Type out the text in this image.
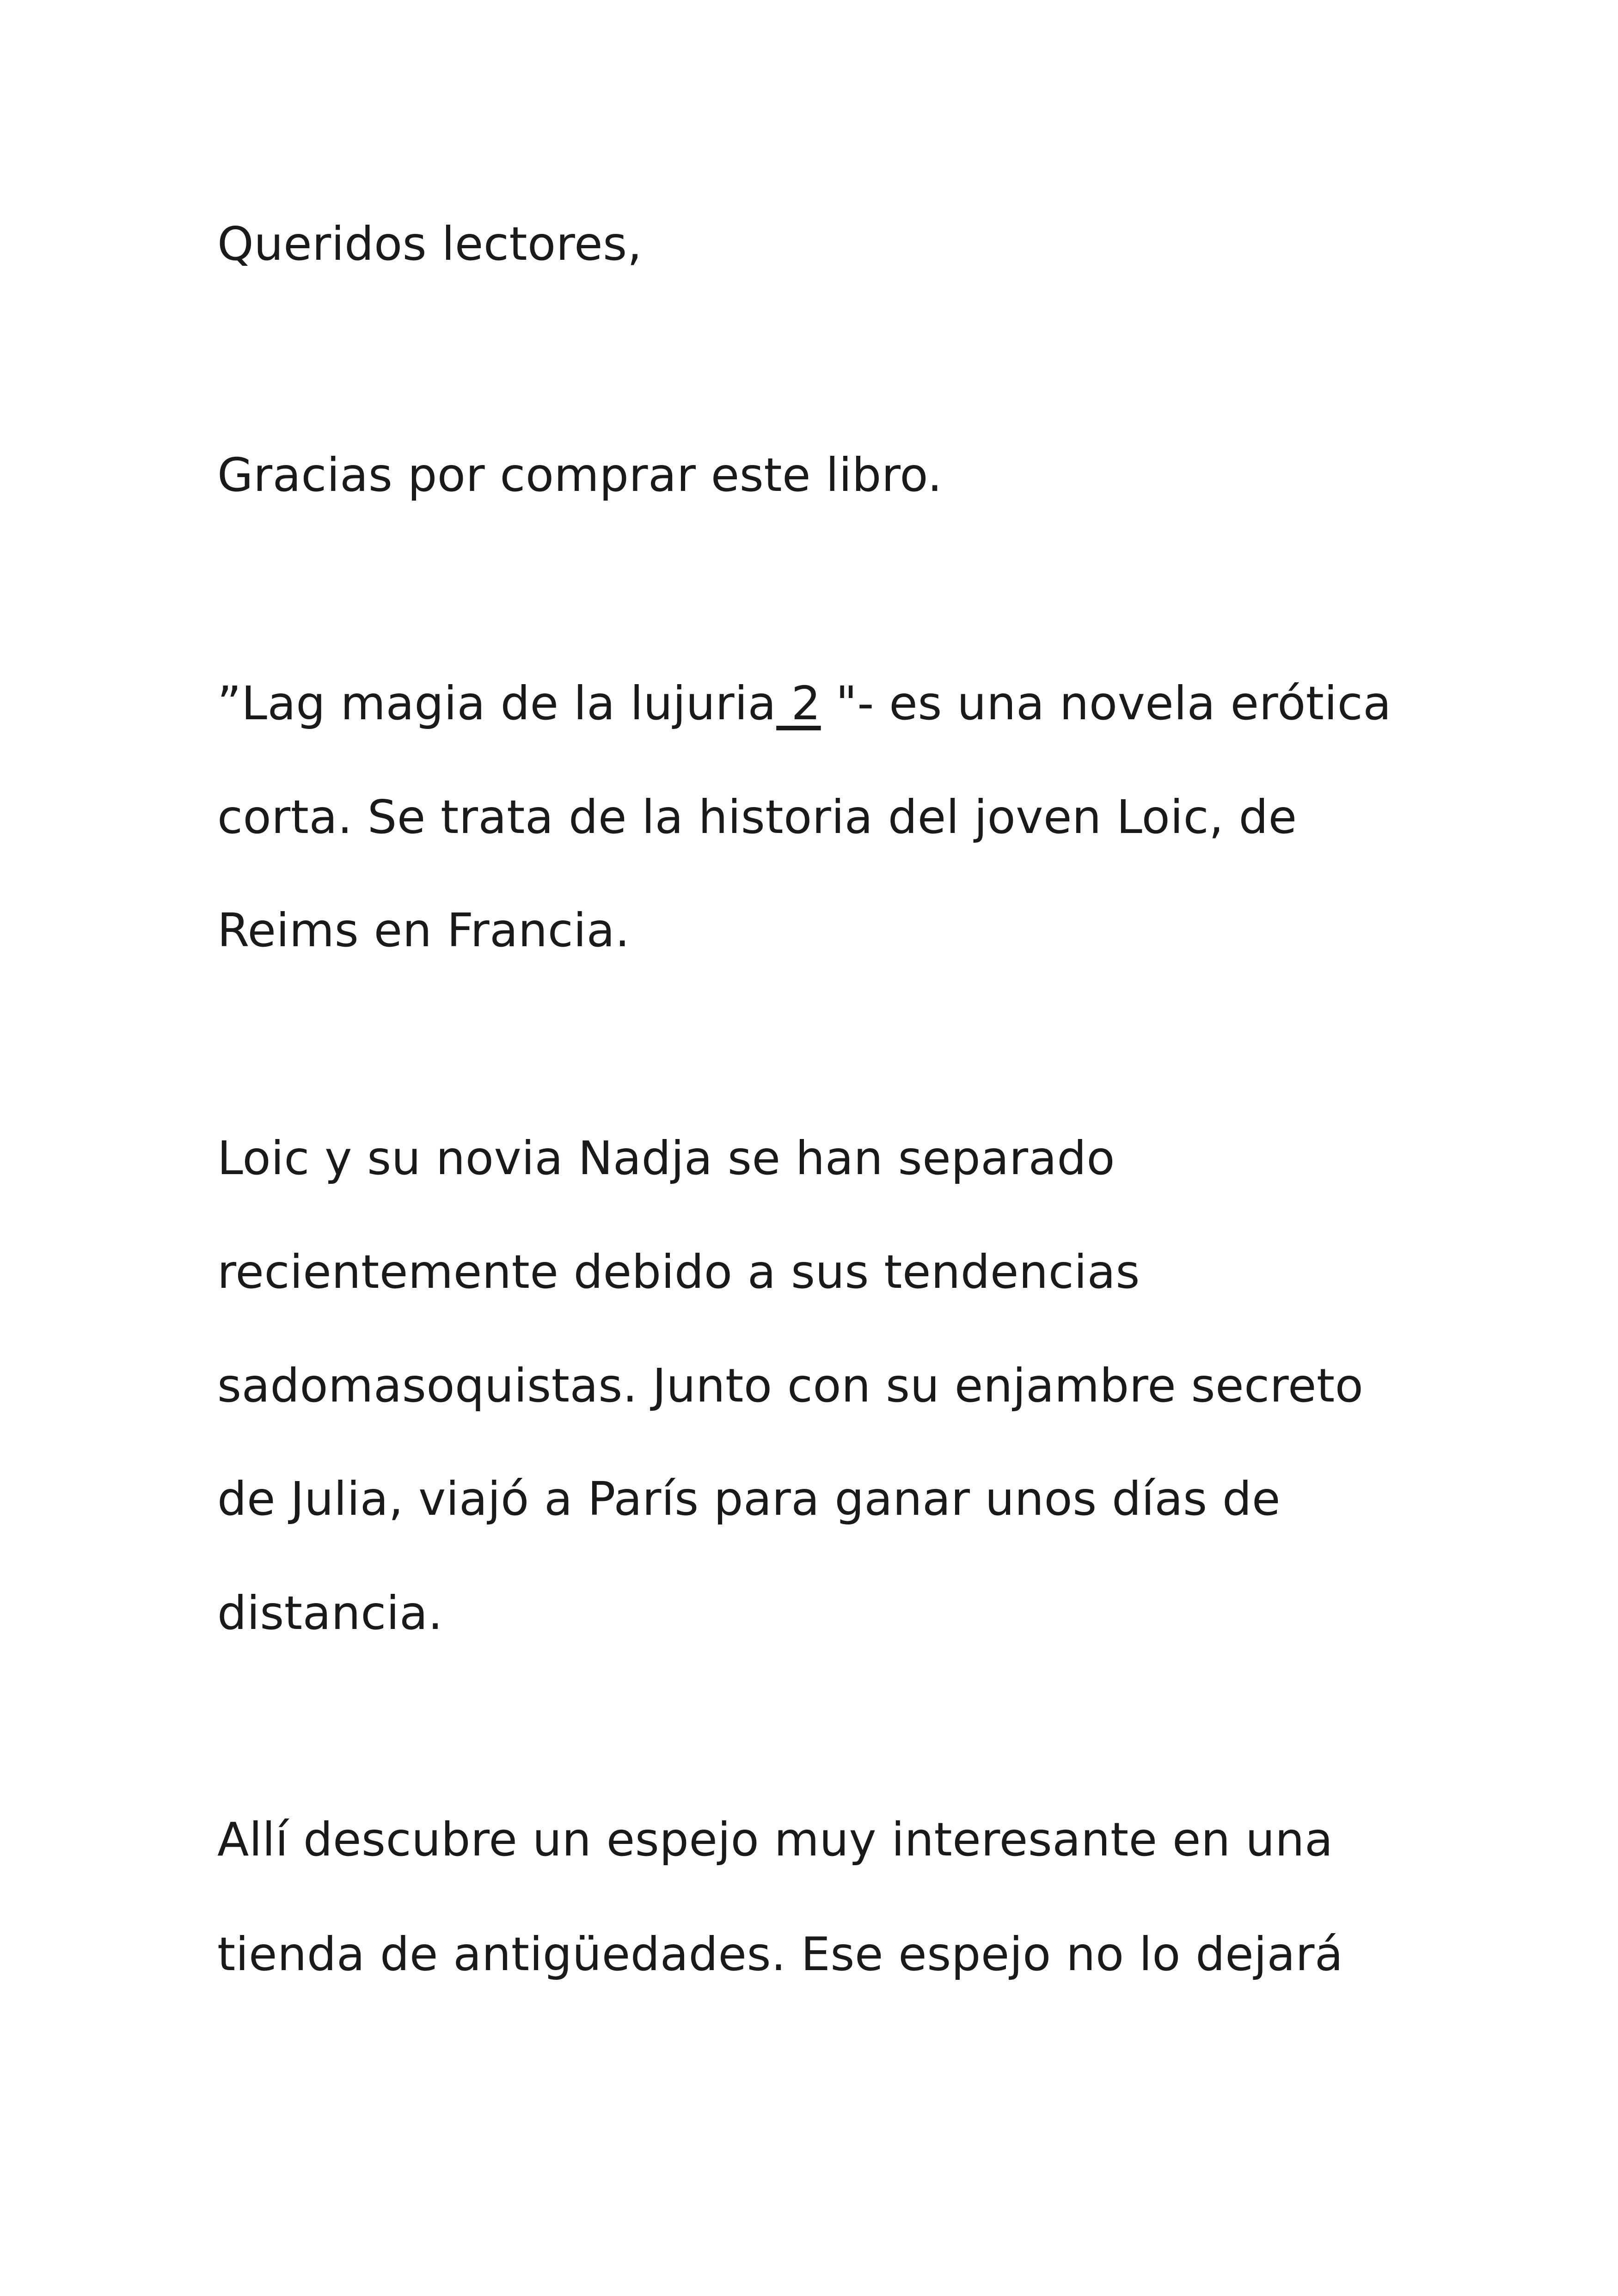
Queridos lectores,
Gracias por comprar este libro.
”Lag magia de la lujuria 2 "- es una novela erótica
corta. Se trata de la historia del joven Loic, de
Reims en Francia.
Loic y su novia Nadja se han separado
recientemente debido a sus tendencias
sadomasoquistas. Junto con su enjambre secreto
de Julia, viajó a París para ganar unos días de
distancia.
Allí descubre un espejo muy interesante en una
tienda de antigüedades. Ese espejo no lo dejará
